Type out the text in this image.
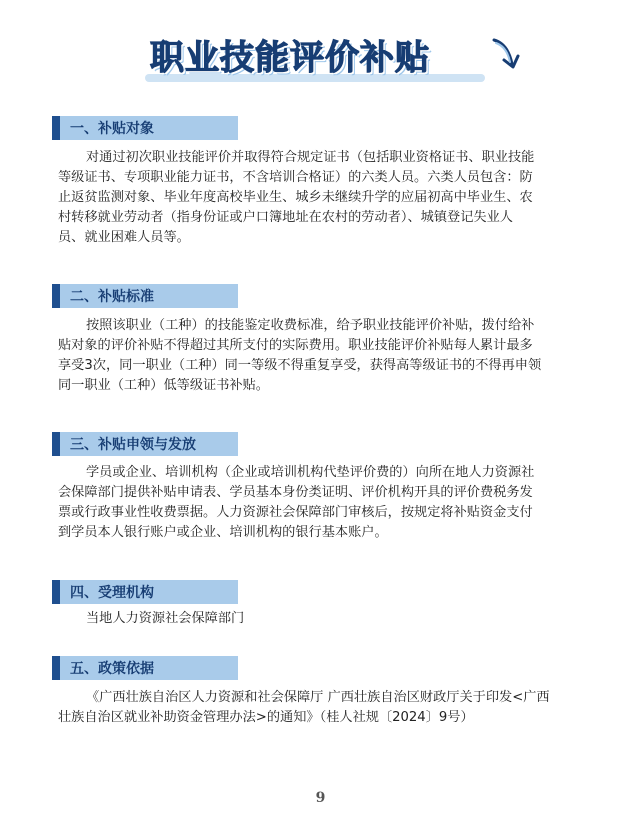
职业技能评价补贴
一、补贴对象
对通过初次职业技能评价并取得符合规定证书（包括职业资格证书、职业技能
等级证书、专项职业能力证书，不含培训合格证）的六类人员。六类人员包含：防
止返贫监测对象、毕业年度高校毕业生、城乡未继续升学的应届初高中毕业生、农
村转移就业劳动者（指身份证或户口簿地址在农村的劳动者）、城镇登记失业人
员、就业困难人员等。
二、补贴标准
按照该职业（工种）的技能鉴定收费标准，给予职业技能评价补贴，拨付给补
贴对象的评价补贴不得超过其所支付的实际费用。职业技能评价补贴每人累计最多
享受3次，同一职业（工种）同一等级不得重复享受，获得高等级证书的不得再申领
同一职业（工种）低等级证书补贴。
三、补贴申领与发放
学员或企业、培训机构（企业或培训机构代垫评价费的）向所在地人力资源社
会保障部门提供补贴申请表、学员基本身份类证明、评价机构开具的评价费税务发
票或行政事业性收费票据。人力资源社会保障部门审核后，按规定将补贴资金支付
到学员本人银行账户或企业、培训机构的银行基本账户。
四、受理机构
当地人力资源社会保障部门
五、政策依据
《广西壮族自治区人力资源和社会保障厅 广西壮族自治区财政厅关于印发<广西
壮族自治区就业补助资金管理办法>的通知》（桂人社规〔2024〕9号）
9
